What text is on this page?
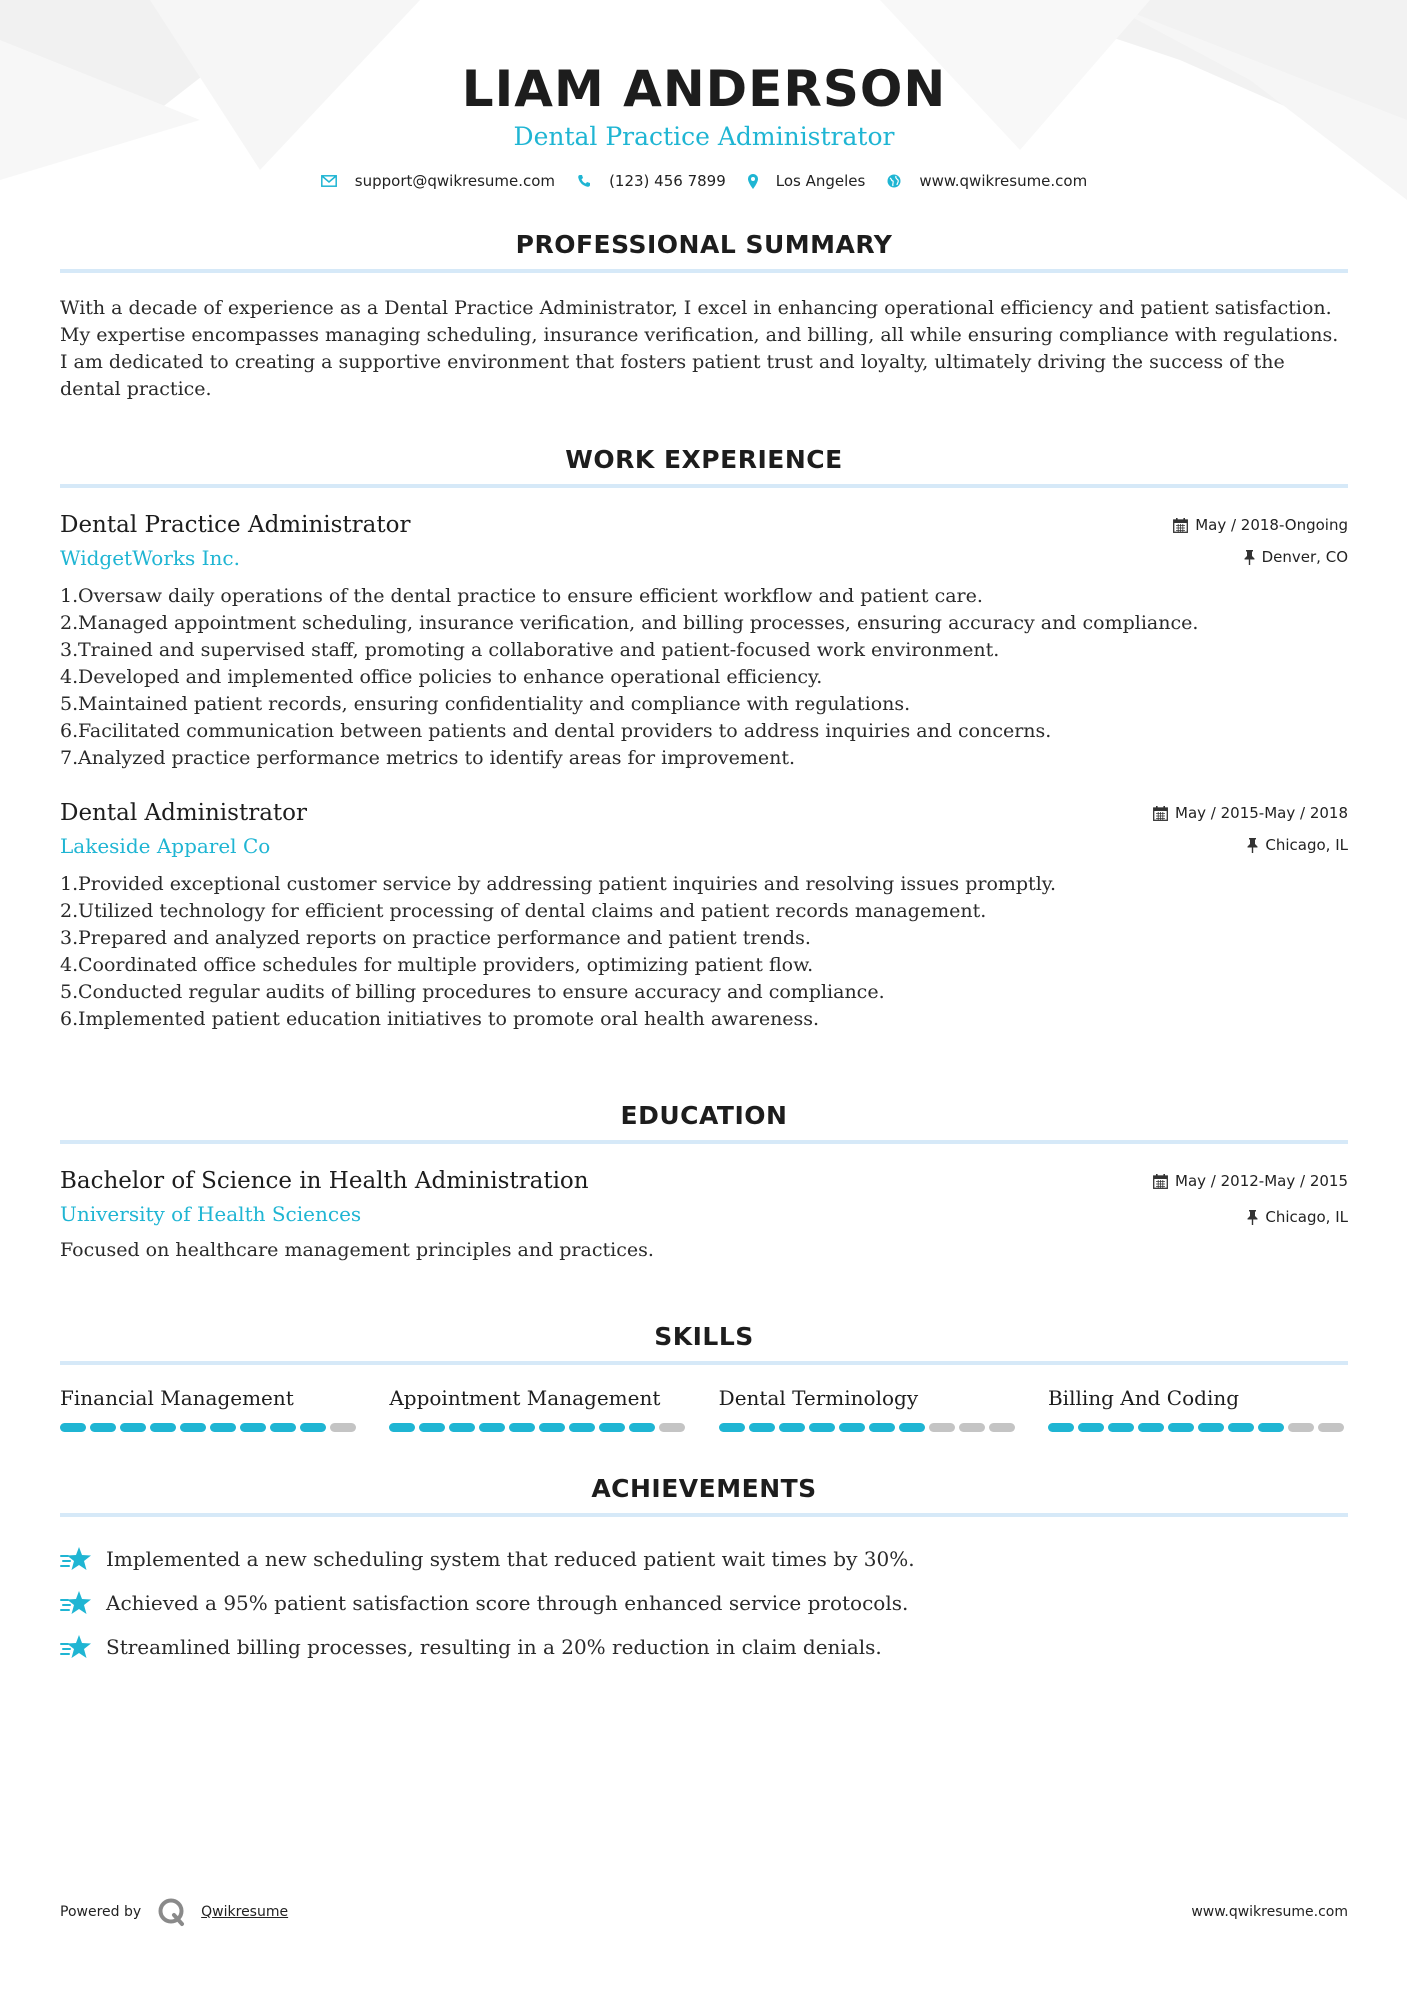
LIAM ANDERSON
Dental Practice Administrator
support@qwikresume.com	(123) 456 7899	Los Angeles	www.qwikresume.com
PROFESSIONAL SUMMARY
With a decade of experience as a Dental Practice Administrator, I excel in enhancing operational efficiency and patient satisfaction. My expertise encompasses managing scheduling, insurance verification, and billing, all while ensuring compliance with regulations. I am dedicated to creating a supportive environment that fosters patient trust and loyalty, ultimately driving the success of the dental practice.
WORK EXPERIENCE
Dental Practice Administrator
WidgetWorks Inc.
May / 2018-Ongoing
Denver, CO
1. Oversaw daily operations of the dental practice to ensure efficient workflow and patient care.
2. Managed appointment scheduling, insurance verification, and billing processes, ensuring accuracy and compliance.
3. Trained and supervised staff, promoting a collaborative and patient-focused work environment.
4. Developed and implemented office policies to enhance operational efficiency.
5. Maintained patient records, ensuring confidentiality and compliance with regulations.
6. Facilitated communication between patients and dental providers to address inquiries and concerns.
7. Analyzed practice performance metrics to identify areas for improvement.
Dental Administrator
Lakeside Apparel Co
May / 2015-May / 2018
Chicago, IL
1. Provided exceptional customer service by addressing patient inquiries and resolving issues promptly.
2. Utilized technology for efficient processing of dental claims and patient records management.
3. Prepared and analyzed reports on practice performance and patient trends.
4. Coordinated office schedules for multiple providers, optimizing patient flow.
5. Conducted regular audits of billing procedures to ensure accuracy and compliance.
6. Implemented patient education initiatives to promote oral health awareness.
EDUCATION
Bachelor of Science in Health Administration
University of Health Sciences
May / 2012-May / 2015
Chicago, IL
Focused on healthcare management principles and practices.
SKILLS
Financial Management	Appointment Management	Dental Terminology	Billing And Coding
ACHIEVEMENTS
Implemented a new scheduling system that reduced patient wait times by 30%.
Achieved a 95% patient satisfaction score through enhanced service protocols.
Streamlined billing processes, resulting in a 20% reduction in claim denials.
Powered by	Qwikresume	www.qwikresume.com
